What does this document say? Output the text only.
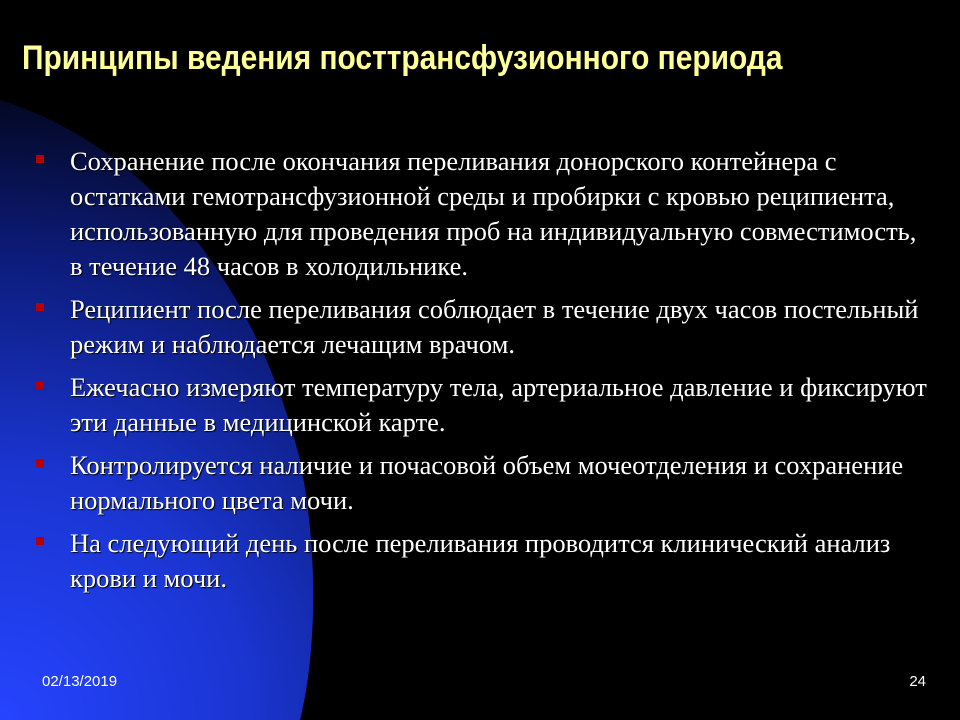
Принципы ведения посттрансфузионного периода
Сохранение после окончания переливания донорского контейнера с остатками гемотрансфузионной среды и пробирки с кровью реципиента, использованную для проведения проб на индивидуальную совместимость, в течение 48 часов в холодильнике.
Реципиент после переливания соблюдает в течение двух часов постельный режим и наблюдается лечащим врачом.
Ежечасно измеряют температуру тела, артериальное давление и фиксируют эти данные в медицинской карте.
Контролируется наличие и почасовой объем мочеотделения и сохранение нормального цвета мочи.
На следующий день после переливания проводится клинический анализ крови и мочи.
02/13/2019	24
